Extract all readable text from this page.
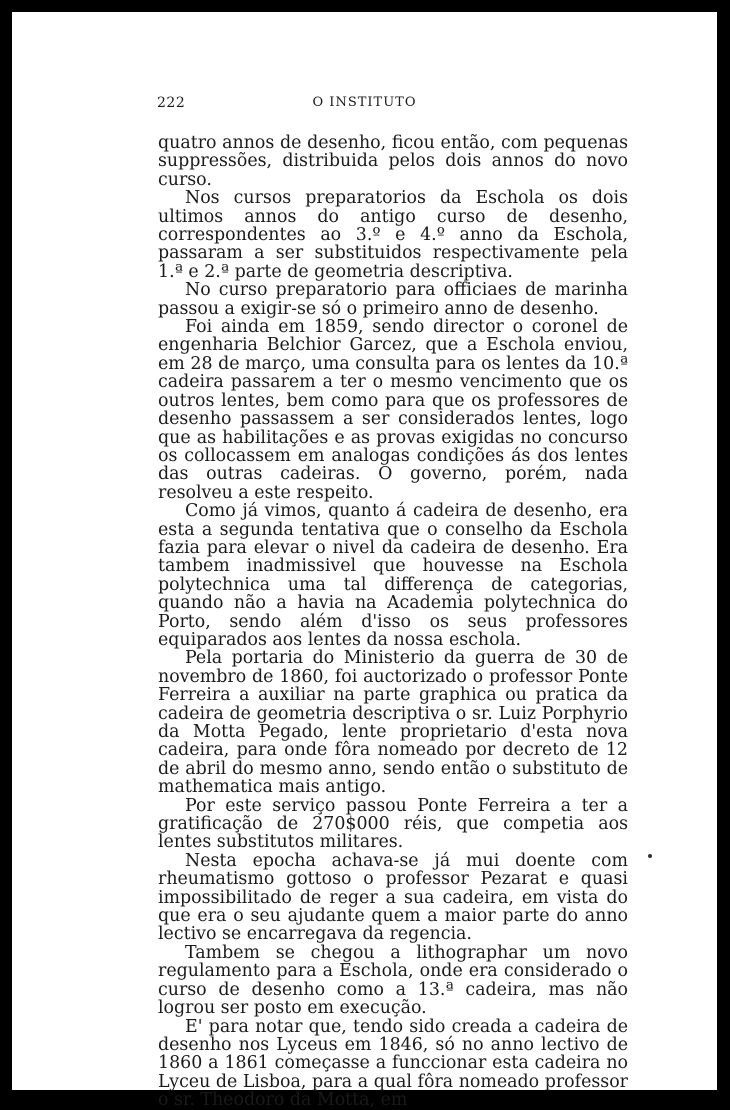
222	O INSTITUTO

quatro annos de desenho, ficou então, com pequenas suppressões, distribuida pelos dois annos do novo curso.

Nos cursos preparatorios da Eschola os dois ultimos annos do antigo curso de desenho, correspondentes ao 3.º e 4.º anno da Eschola, passaram a ser substituidos respectivamente pela 1.ª e 2.ª parte de geometria descriptiva.

No curso preparatorio para officiaes de marinha passou a exigir-se só o primeiro anno de desenho.

Foi ainda em 1859, sendo director o coronel de engenharia Belchior Garcez, que a Eschola enviou, em 28 de março, uma consulta para os lentes da 10.ª cadeira passarem a ter o mesmo vencimento que os outros lentes, bem como para que os professores de desenho passassem a ser considerados lentes, logo que as habilitações e as provas exigidas no concurso os collocassem em analogas condições ás dos lentes das outras cadeiras. O governo, porém, nada resolveu a este respeito.

Como já vimos, quanto á cadeira de desenho, era esta a segunda tentativa que o conselho da Eschola fazia para elevar o nivel da cadeira de desenho. Era tambem inadmissivel que houvesse na Eschola polytechnica uma tal differença de categorias, quando não a havia na Academia polytechnica do Porto, sendo além d'isso os seus professores equiparados aos lentes da nossa eschola.

Pela portaria do Ministerio da guerra de 30 de novembro de 1860, foi auctorizado o professor Ponte Ferreira a auxiliar na parte graphica ou pratica da cadeira de geometria descriptiva o sr. Luiz Porphyrio da Motta Pegado, lente proprietario d'esta nova cadeira, para onde fôra nomeado por decreto de 12 de abril do mesmo anno, sendo então o substituto de mathematica mais antigo.

Por este serviço passou Ponte Ferreira a ter a gratificação de 270$000 réis, que competia aos lentes substitutos militares.

Nesta epocha achava-se já mui doente com rheumatismo gottoso o professor Pezarat e quasi impossibilitado de reger a sua cadeira, em vista do que era o seu ajudante quem a maior parte do anno lectivo se encarregava da regencia.

Tambem se chegou a lithographar um novo regulamento para a Eschola, onde era considerado o curso de desenho como a 13.ª cadeira, mas não logrou ser posto em execução.

E' para notar que, tendo sido creada a cadeira de desenho nos Lyceus em 1846, só no anno lectivo de 1860 a 1861 começasse a funccionar esta cadeira no Lyceu de Lisboa, para a qual fôra nomeado professor o sr. Theodoro da Motta, em
